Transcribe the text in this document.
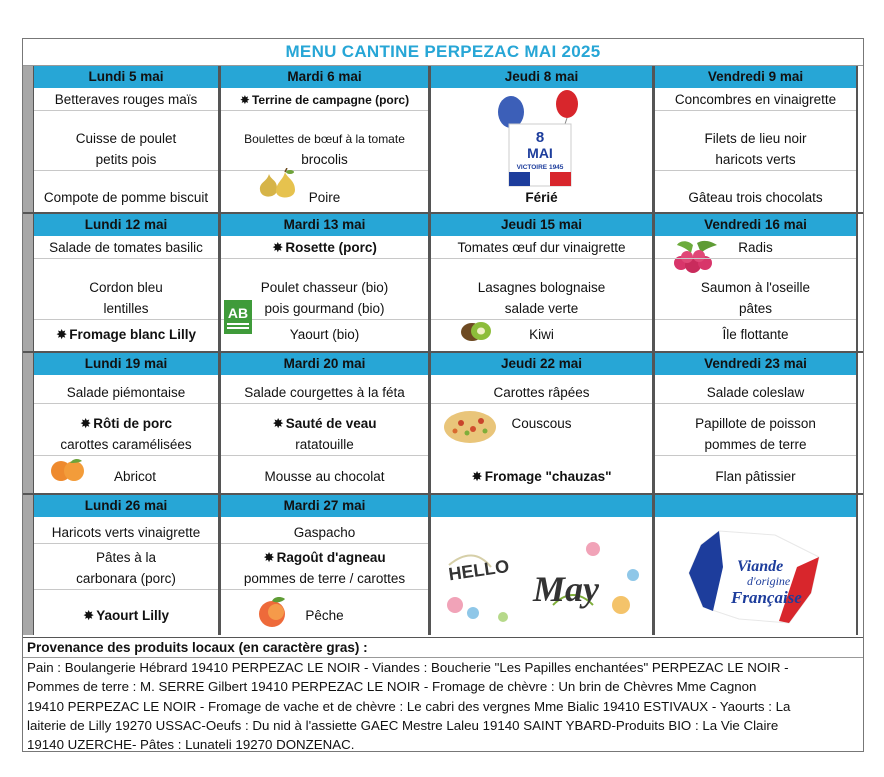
MENU CANTINE PERPEZAC MAI 2025
Lundi 5 mai
Betteraves rouges maïs
Cuisse de poulet
petits pois
Compote de pomme biscuit
Mardi 6 mai
✸ Terrine de campagne (porc)
Boulettes de bœuf à la tomate
brocolis
Poire
Jeudi 8 mai
8
MAI
VICTOIRE 1945
Férié
Vendredi 9 mai
Concombres en vinaigrette
Filets de lieu noir
haricots verts
Gâteau trois chocolats
Lundi 12 mai
Salade de tomates basilic
Cordon bleu
lentilles
✸ Fromage blanc Lilly
Mardi 13 mai
✸ Rosette (porc)
Poulet chasseur (bio)
pois gourmand (bio)
AB
Yaourt (bio)
Jeudi 15 mai
Tomates œuf dur vinaigrette
Lasagnes bolognaise
salade verte
Kiwi
Vendredi 16 mai
Radis
Saumon à l'oseille
pâtes
Île flottante
Lundi 19 mai
Salade piémontaise
✸ Rôti de porc
carottes caramélisées
Abricot
Mardi 20 mai
Salade courgettes à la féta
✸ Sauté de veau
ratatouille
Mousse au chocolat
Jeudi 22 mai
Carottes râpées
Couscous
✸ Fromage "chauzas"
Vendredi 23 mai
Salade coleslaw
Papillote de poisson
pommes de terre
Flan pâtissier
Lundi 26 mai
Haricots verts vinaigrette
Pâtes à la
carbonara (porc)
✸ Yaourt Lilly
Mardi 27 mai
Gaspacho
✸ Ragoût d'agneau
pommes de terre / carottes
Pêche
HELLO May
Viande
d'origine
Française
Provenance des produits locaux (en caractère gras) :
Pain : Boulangerie Hébrard 19410 PERPEZAC LE NOIR - Viandes : Boucherie "Les Papilles enchantées" PERPEZAC LE NOIR -
Pommes de terre : M. SERRE Gilbert 19410 PERPEZAC LE NOIR - Fromage de chèvre : Un brin de Chèvres Mme Cagnon
19410 PERPEZAC LE NOIR - Fromage de vache et de chèvre : Le cabri des vergnes Mme Bialic 19410 ESTIVAUX - Yaourts : La
laiterie de Lilly 19270 USSAC-Oeufs : Du nid à l'assiette GAEC Mestre Laleu 19140 SAINT YBARD-Produits BIO : La Vie Claire
19140 UZERCHE- Pâtes : Lunateli 19270 DONZENAC.
